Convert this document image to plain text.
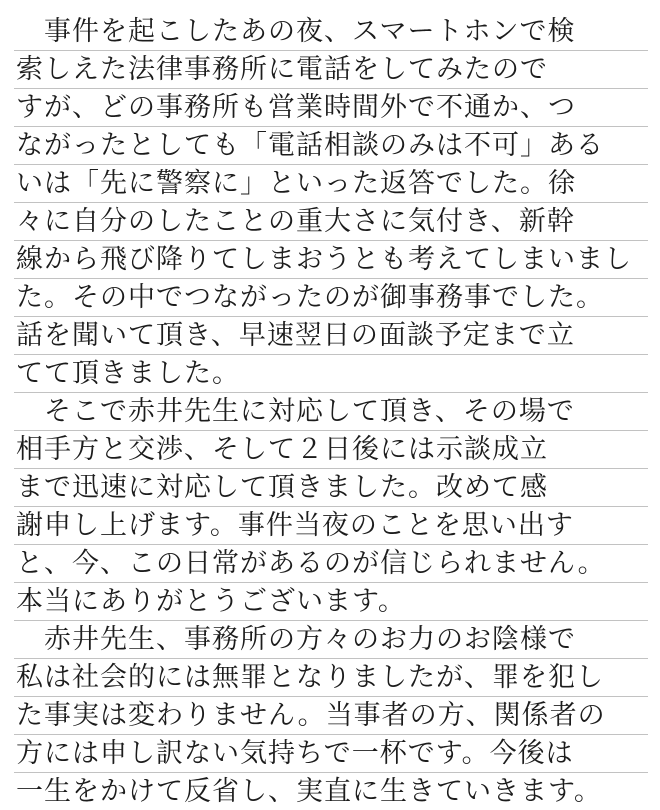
　事件を起こしたあの夜、スマートホンで検
索しえた法律事務所に電話をしてみたので
すが、どの事務所も営業時間外で不通か、つ
ながったとしても「電話相談のみは不可」ある
いは「先に警察に」といった返答でした。徐
々に自分のしたことの重大さに気付き、新幹
線から飛び降りてしまおうとも考えてしまいまし
た。その中でつながったのが御事務事でした。
話を聞いて頂き、早速翌日の面談予定まで立
てて頂きました。
　そこで赤井先生に対応して頂き、その場で
相手方と交渉、そして２日後には示談成立
まで迅速に対応して頂きました。改めて感
謝申し上げます。事件当夜のことを思い出す
と、今、この日常があるのが信じられません。
本当にありがとうございます。
　赤井先生、事務所の方々のお力のお陰様で
私は社会的には無罪となりましたが、罪を犯し
た事実は変わりません。当事者の方、関係者の
方には申し訳ない気持ちで一杯です。今後は
一生をかけて反省し、実直に生きていきます。
